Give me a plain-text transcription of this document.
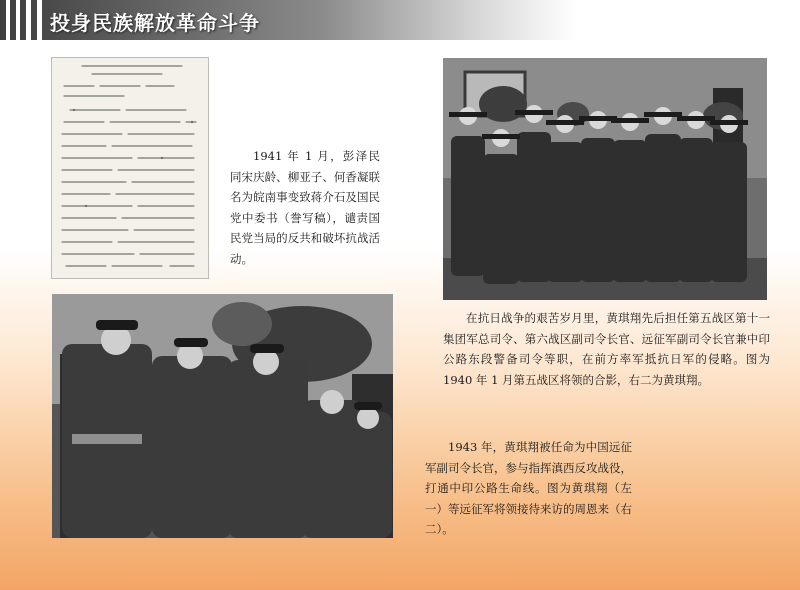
投身民族解放革命斗争

1941 年 1 月，彭泽民同宋庆龄、柳亚子、何香凝联名为皖南事变致蒋介石及国民党中委书（誊写稿），谴责国民党当局的反共和破坏抗战活动。

在抗日战争的艰苦岁月里，黄琪翔先后担任第五战区第十一集团军总司令、第六战区副司令长官、远征军副司令长官兼中印公路东段警备司令等职，在前方率军抵抗日军的侵略。图为 1940 年 1 月第五战区将领的合影，右二为黄琪翔。

1943 年，黄琪翔被任命为中国远征军副司令长官，参与指挥滇西反攻战役，打通中印公路生命线。图为黄琪翔（左一）等远征军将领接待来访的周恩来（右二）。
